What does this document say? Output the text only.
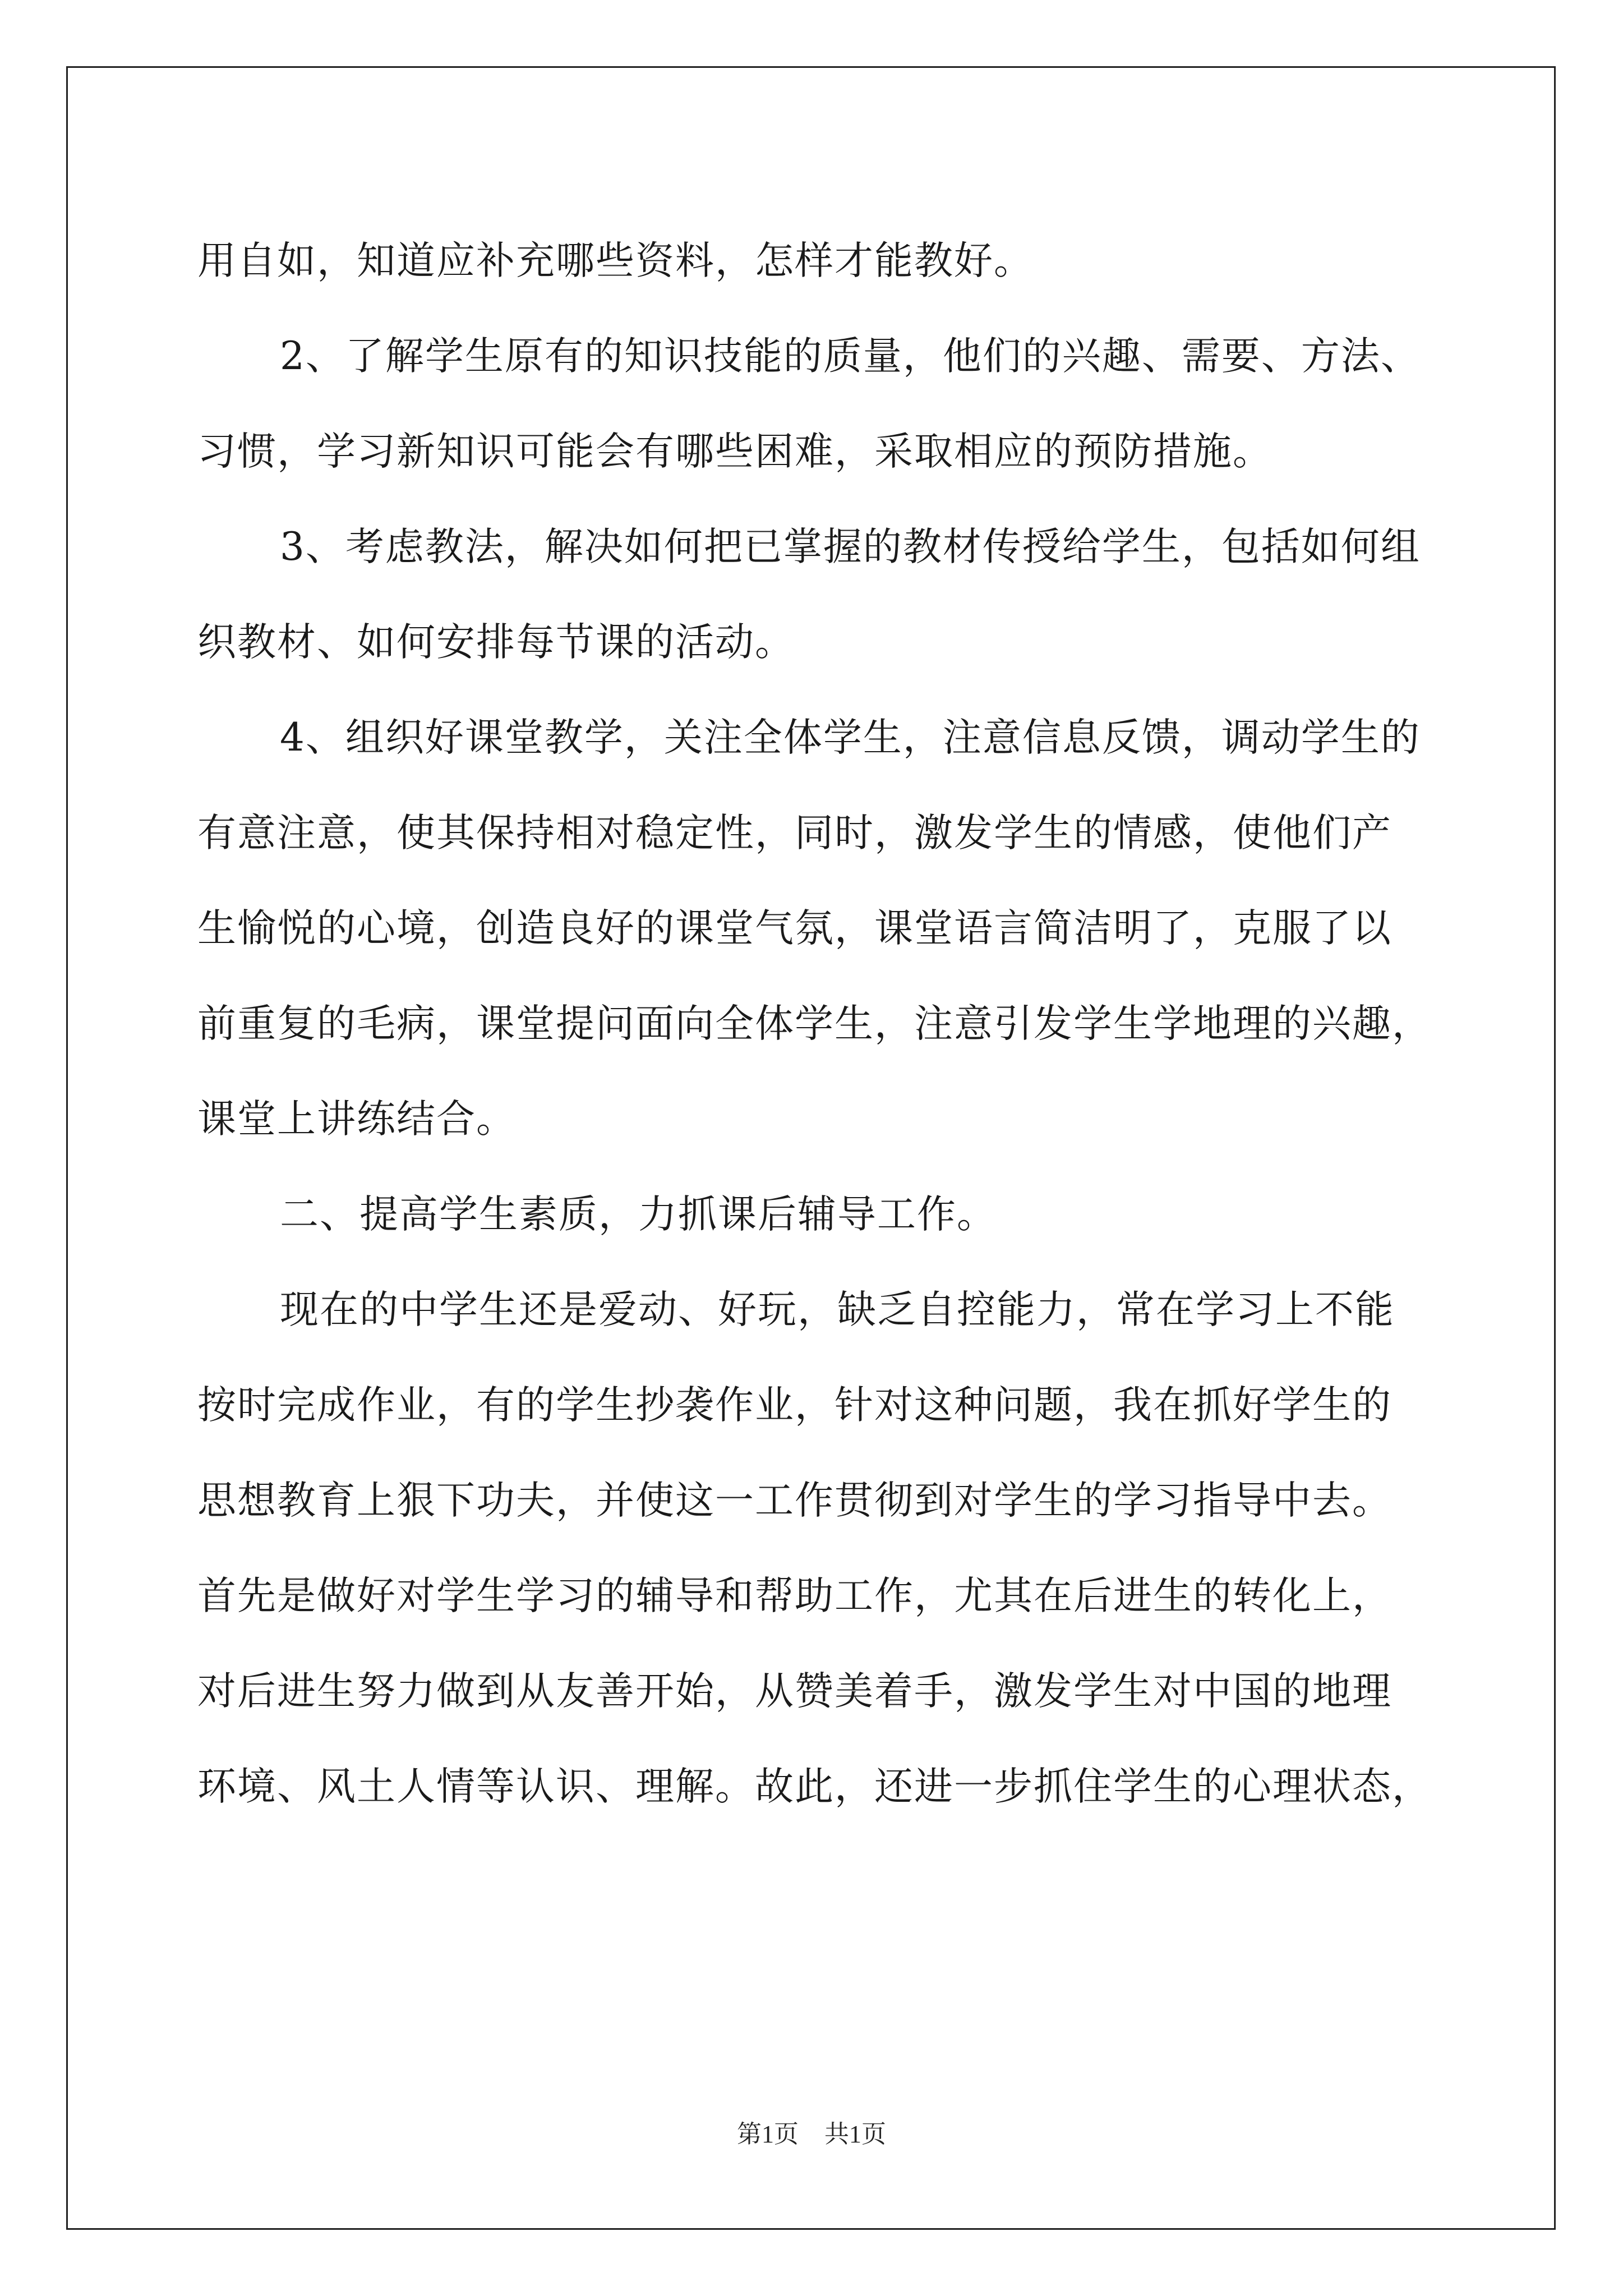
用自如，知道应补充哪些资料，怎样才能教好。
2、了解学生原有的知识技能的质量，他们的兴趣、需要、方法、
习惯，学习新知识可能会有哪些困难，采取相应的预防措施。
3、考虑教法，解决如何把已掌握的教材传授给学生，包括如何组
织教材、如何安排每节课的活动。
4、组织好课堂教学，关注全体学生，注意信息反馈，调动学生的
有意注意，使其保持相对稳定性，同时，激发学生的情感，使他们产
生愉悦的心境，创造良好的课堂气氛，课堂语言简洁明了，克服了以
前重复的毛病，课堂提问面向全体学生，注意引发学生学地理的兴趣，
课堂上讲练结合。
二、提高学生素质，力抓课后辅导工作。
现在的中学生还是爱动、好玩，缺乏自控能力，常在学习上不能
按时完成作业，有的学生抄袭作业，针对这种问题，我在抓好学生的
思想教育上狠下功夫，并使这一工作贯彻到对学生的学习指导中去。
首先是做好对学生学习的辅导和帮助工作，尤其在后进生的转化上，
对后进生努力做到从友善开始，从赞美着手，激发学生对中国的地理
环境、风土人情等认识、理解。故此，还进一步抓住学生的心理状态，
第1页 共1页
